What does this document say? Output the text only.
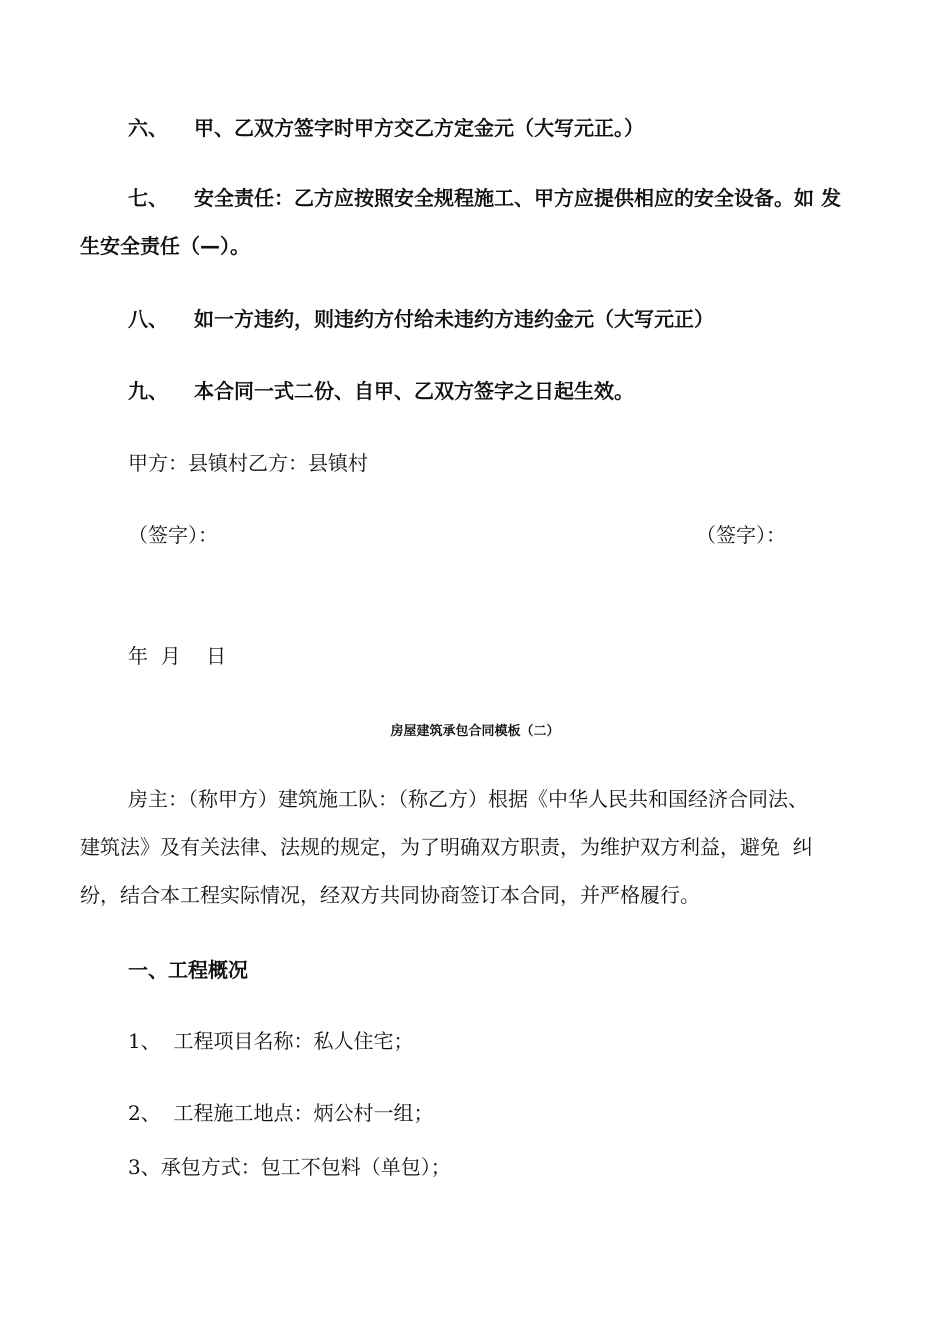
六、 甲、乙双方签字时甲方交乙方定金元（大写元正。）
七、 安全责任：乙方应按照安全规程施工、甲方应提供相应的安全设备。如 发
生安全责任（—）。
八、 如一方违约，则违约方付给未违约方违约金元（大写元正）
九、 本合同一式二份、自甲、乙双方签字之日起生效。
甲方：县镇村乙方：县镇村
（签字）：	（签字）：
年  月    日
房屋建筑承包合同模板（二）
房主：（称甲方）建筑施工队：（称乙方）根据《中华人民共和国经济合同法、
建筑法》及有关法律、法规的规定，为了明确双方职责，为维护双方利益，避免  纠
纷，结合本工程实际情况，经双方共同协商签订本合同，并严格履行。
一、工程概况
1、  工程项目名称：私人住宅；
2、  工程施工地点：炳公村一组；
3、承包方式：包工不包料（单包）；
